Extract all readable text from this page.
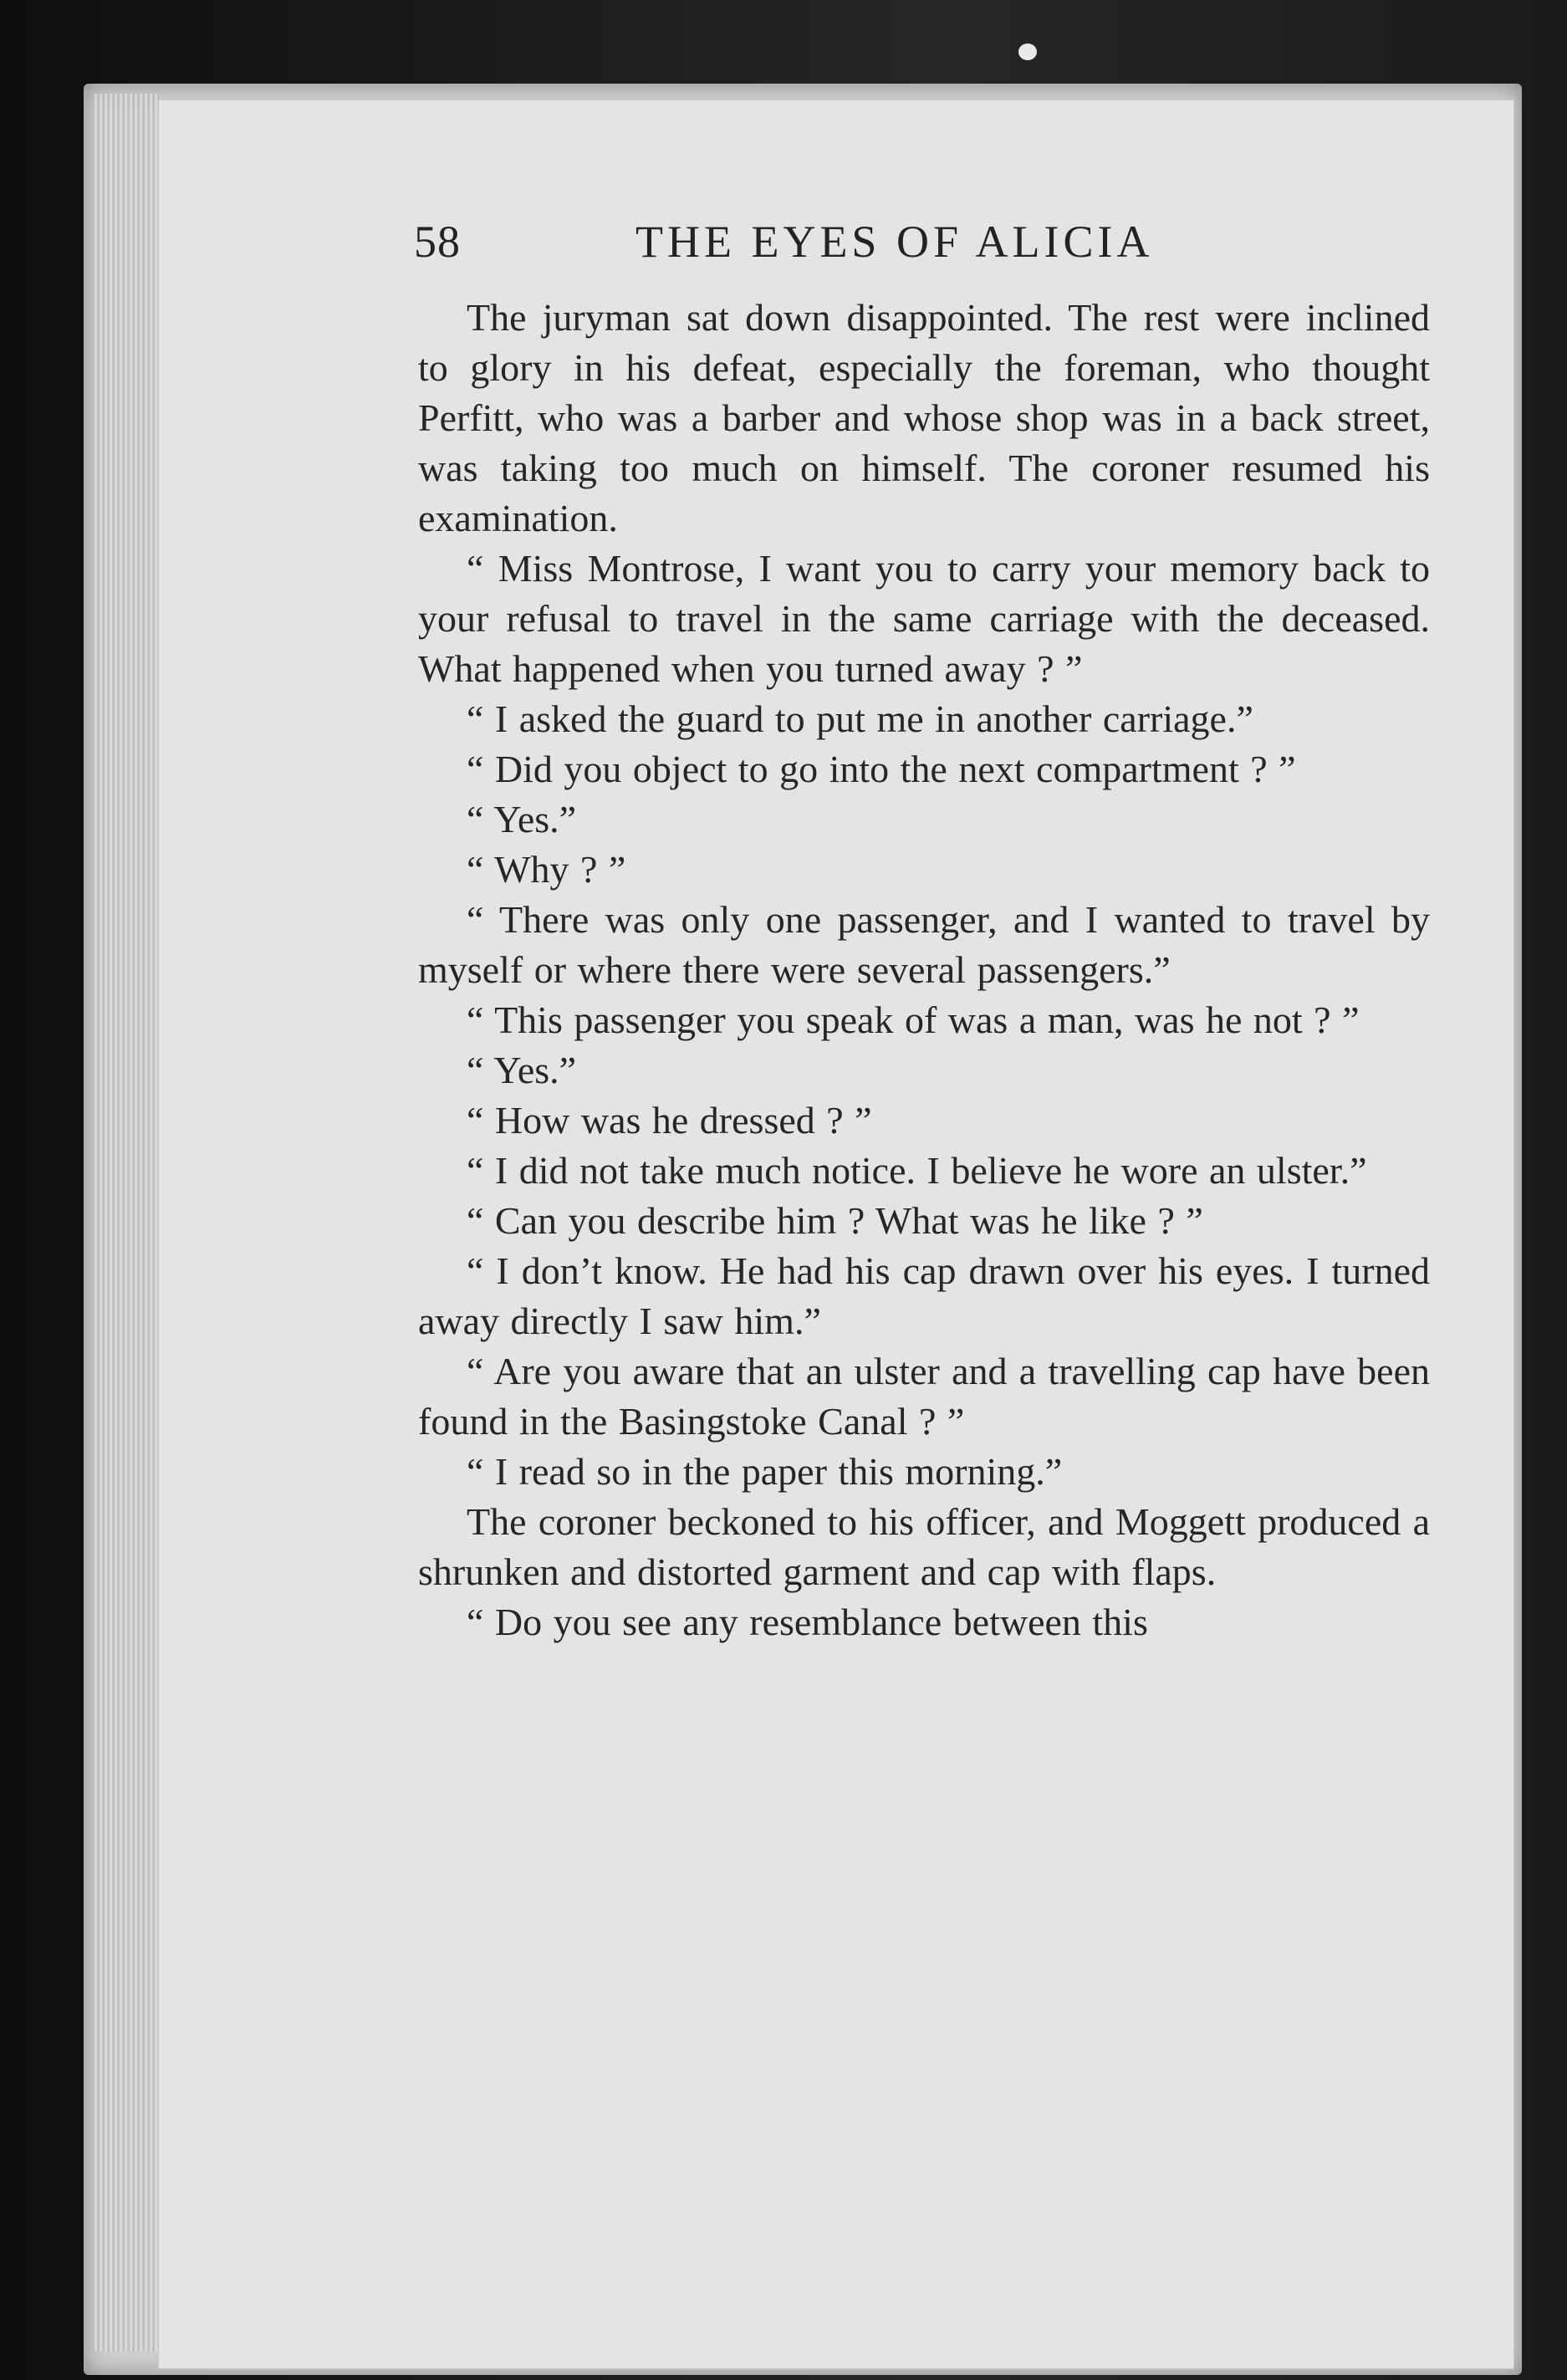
58	THE EYES OF ALICIA

The juryman sat down disappointed. The rest were inclined to glory in his defeat, especially the foreman, who thought Perfitt, who was a barber and whose shop was in a back street, was taking too much on himself. The coroner resumed his examination.

“ Miss Montrose, I want you to carry your memory back to your refusal to travel in the same carriage with the deceased. What happened when you turned away ? ”

“ I asked the guard to put me in another carriage.”

“ Did you object to go into the next compartment ? ”

“ Yes.”

“ Why ? ”

“ There was only one passenger, and I wanted to travel by myself or where there were several passengers.”

“ This passenger you speak of was a man, was he not ? ”

“ Yes.”

“ How was he dressed ? ”

“ I did not take much notice. I believe he wore an ulster.”

“ Can you describe him ? What was he like ? ”

“ I don’t know. He had his cap drawn over his eyes. I turned away directly I saw him.”

“ Are you aware that an ulster and a travelling cap have been found in the Basingstoke Canal ? ”

“ I read so in the paper this morning.”

The coroner beckoned to his officer, and Moggett produced a shrunken and distorted garment and cap with flaps.

“ Do you see any resemblance between this
